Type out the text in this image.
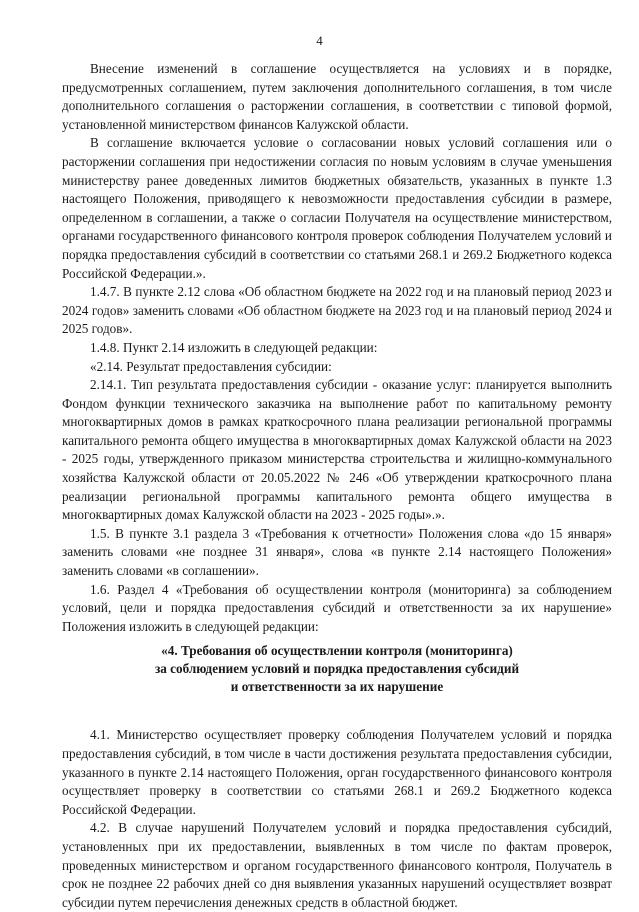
4

Внесение изменений в соглашение осуществляется на условиях и в порядке, предусмотренных соглашением, путем заключения дополнительного соглашения, в том числе дополнительного соглашения о расторжении соглашения, в соответствии с типовой формой, установленной министерством финансов Калужской области.

В соглашение включается условие о согласовании новых условий соглашения или о расторжении соглашения при недостижении согласия по новым условиям в случае уменьшения министерству ранее доведенных лимитов бюджетных обязательств, указанных в пункте 1.3 настоящего Положения, приводящего к невозможности предоставления субсидии в размере, определенном в соглашении, а также о согласии Получателя на осуществление министерством, органами государственного финансового контроля проверок соблюдения Получателем условий и порядка предоставления субсидий в соответствии со статьями 268.1 и 269.2 Бюджетного кодекса Российской Федерации.».

1.4.7. В пункте 2.12 слова «Об областном бюджете на 2022 год и на плановый период 2023 и 2024 годов» заменить словами «Об областном бюджете на 2023 год и на плановый период 2024 и 2025 годов».

1.4.8. Пункт 2.14 изложить в следующей редакции:

«2.14. Результат предоставления субсидии:

2.14.1. Тип результата предоставления субсидии - оказание услуг: планируется выполнить Фондом функции технического заказчика на выполнение работ по капитальному ремонту многоквартирных домов в рамках краткосрочного плана реализации региональной программы капитального ремонта общего имущества в многоквартирных домах Калужской области на 2023 - 2025 годы, утвержденного приказом министерства строительства и жилищно-коммунального хозяйства Калужской области от 20.05.2022 № 246 «Об утверждении краткосрочного плана реализации региональной программы капитального ремонта общего имущества в многоквартирных домах Калужской области на 2023 - 2025 годы».».

1.5. В пункте 3.1 раздела 3 «Требования к отчетности» Положения слова «до 15 января» заменить словами «не позднее 31 января», слова «в пункте 2.14 настоящего Положения» заменить словами «в соглашении».

1.6. Раздел 4 «Требования об осуществлении контроля (мониторинга) за соблюдением условий, цели и порядка предоставления субсидий и ответственности за их нарушение» Положения изложить в следующей редакции:

«4. Требования об осуществлении контроля (мониторинга)
за соблюдением условий и порядка предоставления субсидий
и ответственности за их нарушение

4.1. Министерство осуществляет проверку соблюдения Получателем условий и порядка предоставления субсидий, в том числе в части достижения результата предоставления субсидии, указанного в пункте 2.14 настоящего Положения, орган государственного финансового контроля осуществляет проверку в соответствии со статьями 268.1 и 269.2 Бюджетного кодекса Российской Федерации.

4.2. В случае нарушений Получателем условий и порядка предоставления субсидий, установленных при их предоставлении, выявленных в том числе по фактам проверок, проведенных министерством и органом государственного финансового контроля, Получатель в срок не позднее 22 рабочих дней со дня выявления указанных нарушений осуществляет возврат субсидии путем перечисления денежных средств в областной бюджет.
